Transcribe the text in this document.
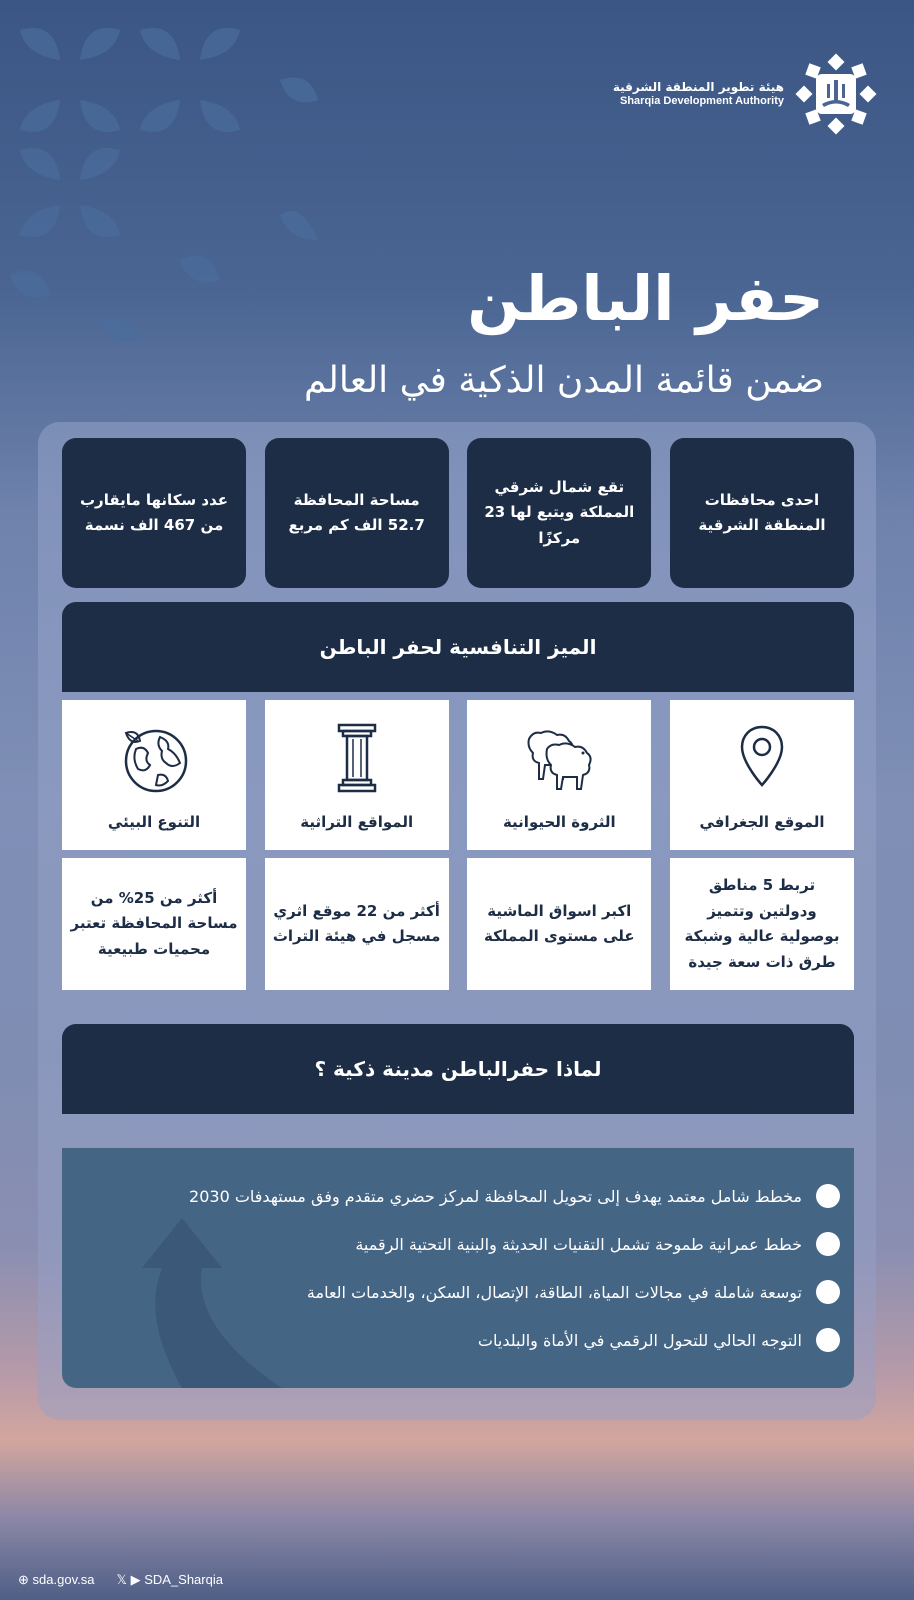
هيئة تطوير المنطقة الشرقية
Sharqia Development Authority
حفر الباطن
ضمن قائمة المدن الذكية في العالم
احدى محافظات المنطقة الشرقية
تقع شمال شرقي المملكة ويتبع لها 23 مركزًا
مساحة المحافظة 52.7 الف كم مربع
عدد سكانها مايقارب من 467 الف نسمة
الميز التنافسية لحفر الباطن
الموقع الجغرافي
الثروة الحيوانية
المواقع التراثية
التنوع البيئي
تربط 5 مناطق ودولتين وتتميز بوصولية عالية وشبكة طرق ذات سعة جيدة
اكبر اسواق الماشية على مستوى المملكة
أكثر من 22 موقع اثري مسجل في هيئة التراث
أكثر من 25% من مساحة المحافظة تعتبر محميات طبيعية
لماذا حفرالباطن مدينة ذكية ؟
مخطط شامل معتمد يهدف إلى تحويل المحافظة لمركز حضري متقدم وفق مستهدفات 2030
خطط عمرانية طموحة تشمل التقنيات الحديثة والبنية التحتية الرقمية
توسعة شاملة في مجالات المياة، الطاقة، الإتصال، السكن، والخدمات العامة
التوجه الحالي للتحول الرقمي في الأماة والبلديات
⊕ sda.gov.sa 𝕏 ▶ SDA_Sharqia
